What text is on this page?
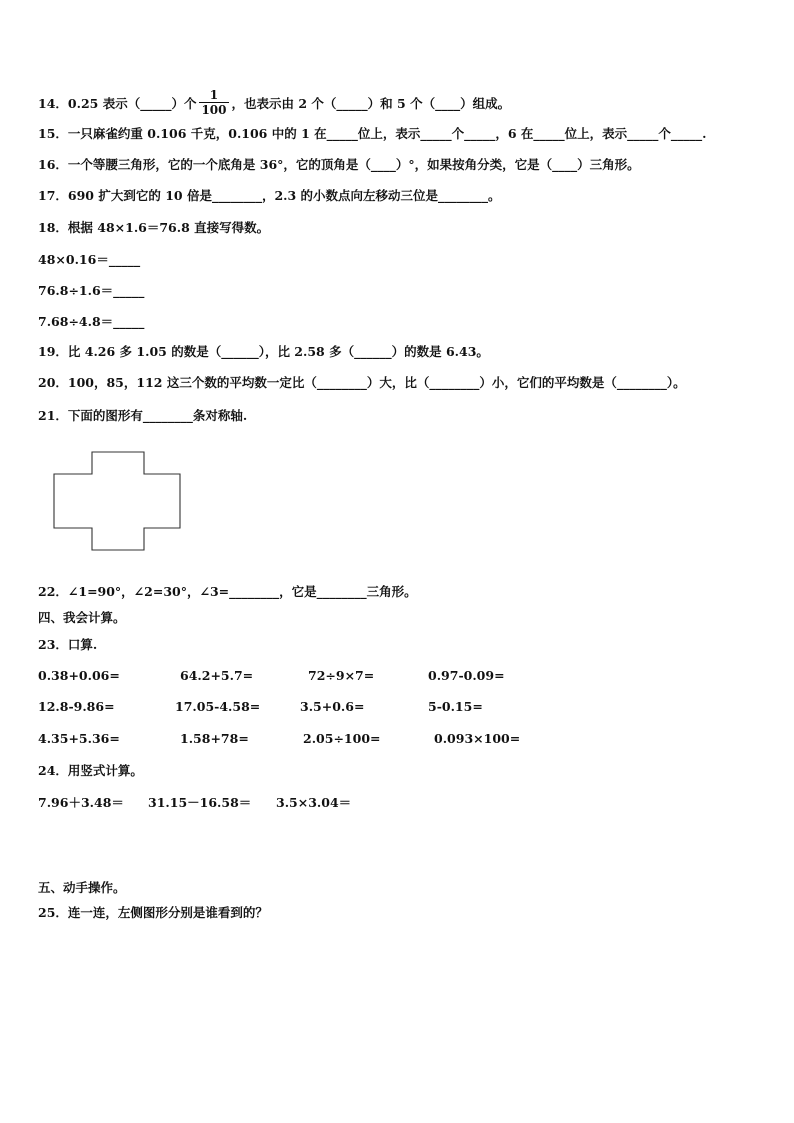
14．0.25 表示（_____）个 $\frac{1}{100}$ ，也表示由 2 个（_____）和 5 个（____）组成。
15．一只麻雀约重 0.106 千克，0.106 中的 1 在_____位上，表示_____个_____，6 在_____位上，表示_____个_____.
16．一个等腰三角形，它的一个底角是 36°，它的顶角是（____）°，如果按角分类，它是（____）三角形。
17．690 扩大到它的 10 倍是________，2.3 的小数点向左移动三位是________。
18．根据 48×1.6＝76.8 直接写得数。
48×0.16＝_____
76.8÷1.6＝_____
7.68÷4.8＝_____
19．比 4.26 多 1.05 的数是（______），比 2.58 多（______）的数是 6.43。
20．100，85，112 这三个数的平均数一定比（________）大，比（________）小，它们的平均数是（________）。
21．下面的图形有________条对称轴.
22．∠1=90°，∠2=30°，∠3=________，它是________三角形。
四、我会计算。
23．口算.
0.38+0.06=	64.2+5.7=	72÷9×7=	0.97-0.09=
12.8-9.86=	17.05-4.58=	3.5+0.6=	5-0.15=
4.35+5.36=	1.58+78=	2.05÷100=	0.093×100=
24．用竖式计算。
7.96＋3.48＝ 31.15－16.58＝ 3.5×3.04＝
五、动手操作。
25．连一连，左侧图形分别是谁看到的？
